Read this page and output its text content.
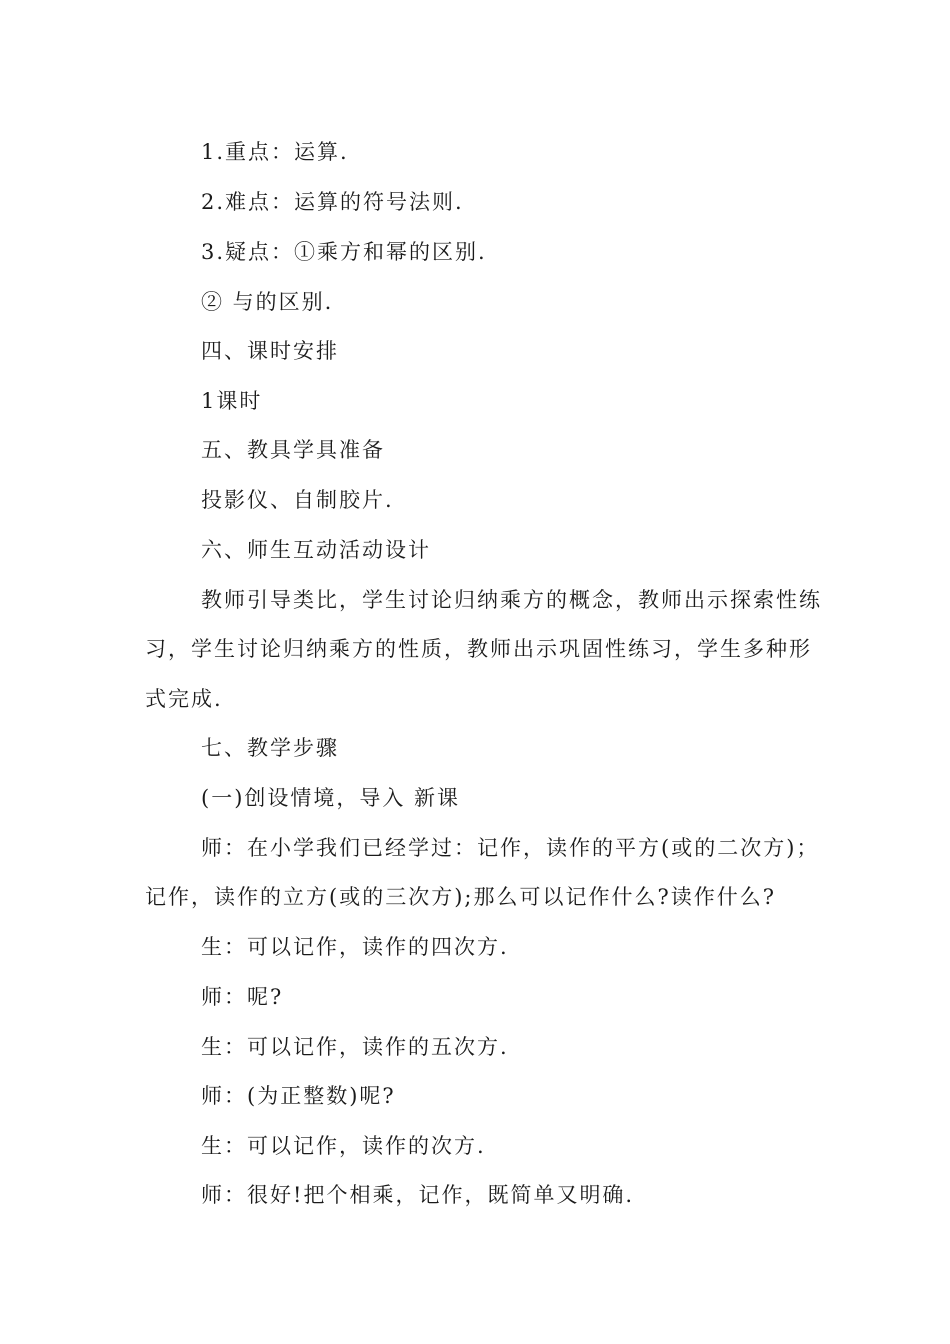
1.重点：运算.
2.难点：运算的符号法则.
3.疑点：①乘方和幂的区别.
② 与的区别.
四、课时安排
1课时
五、教具学具准备
投影仪、自制胶片.
六、师生互动活动设计
教师引导类比，学生讨论归纳乘方的概念，教师出示探索性练
习，学生讨论归纳乘方的性质，教师出示巩固性练习，学生多种形
式完成.
七、教学步骤
(一)创设情境，导入 新课
师：在小学我们已经学过：记作，读作的平方(或的二次方)；
记作，读作的立方(或的三次方);那么可以记作什么?读作什么?
生：可以记作，读作的四次方.
师：呢?
生：可以记作，读作的五次方.
师：(为正整数)呢?
生：可以记作，读作的次方.
师：很好!把个相乘，记作，既简单又明确.
